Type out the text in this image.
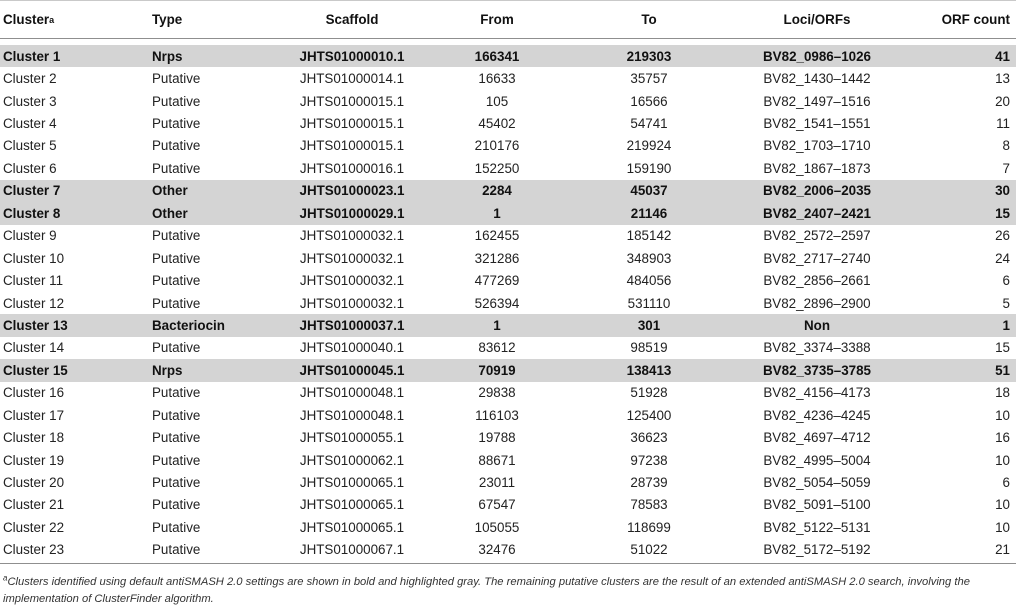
Cluster a	Type	Scaffold	From	To	Loci/ORFs	ORF count
Cluster 1	Nrps	JHTS01000010.1	166341	219303	BV82_0986–1026	41
Cluster 2	Putative	JHTS01000014.1	16633	35757	BV82_1430–1442	13
Cluster 3	Putative	JHTS01000015.1	105	16566	BV82_1497–1516	20
Cluster 4	Putative	JHTS01000015.1	45402	54741	BV82_1541–1551	11
Cluster 5	Putative	JHTS01000015.1	210176	219924	BV82_1703–1710	8
Cluster 6	Putative	JHTS01000016.1	152250	159190	BV82_1867–1873	7
Cluster 7	Other	JHTS01000023.1	2284	45037	BV82_2006–2035	30
Cluster 8	Other	JHTS01000029.1	1	21146	BV82_2407–2421	15
Cluster 9	Putative	JHTS01000032.1	162455	185142	BV82_2572–2597	26
Cluster 10	Putative	JHTS01000032.1	321286	348903	BV82_2717–2740	24
Cluster 11	Putative	JHTS01000032.1	477269	484056	BV82_2856–2661	6
Cluster 12	Putative	JHTS01000032.1	526394	531110	BV82_2896–2900	5
Cluster 13	Bacteriocin	JHTS01000037.1	1	301	Non	1
Cluster 14	Putative	JHTS01000040.1	83612	98519	BV82_3374–3388	15
Cluster 15	Nrps	JHTS01000045.1	70919	138413	BV82_3735–3785	51
Cluster 16	Putative	JHTS01000048.1	29838	51928	BV82_4156–4173	18
Cluster 17	Putative	JHTS01000048.1	116103	125400	BV82_4236–4245	10
Cluster 18	Putative	JHTS01000055.1	19788	36623	BV82_4697–4712	16
Cluster 19	Putative	JHTS01000062.1	88671	97238	BV82_4995–5004	10
Cluster 20	Putative	JHTS01000065.1	23011	28739	BV82_5054–5059	6
Cluster 21	Putative	JHTS01000065.1	67547	78583	BV82_5091–5100	10
Cluster 22	Putative	JHTS01000065.1	105055	118699	BV82_5122–5131	10
Cluster 23	Putative	JHTS01000067.1	32476	51022	BV82_5172–5192	21
$^a$Clusters identified using default antiSMASH 2.0 settings are shown in bold and highlighted gray. The remaining putative clusters are the result of an extended antiSMASH 2.0 search, involving the implementation of ClusterFinder algorithm.
